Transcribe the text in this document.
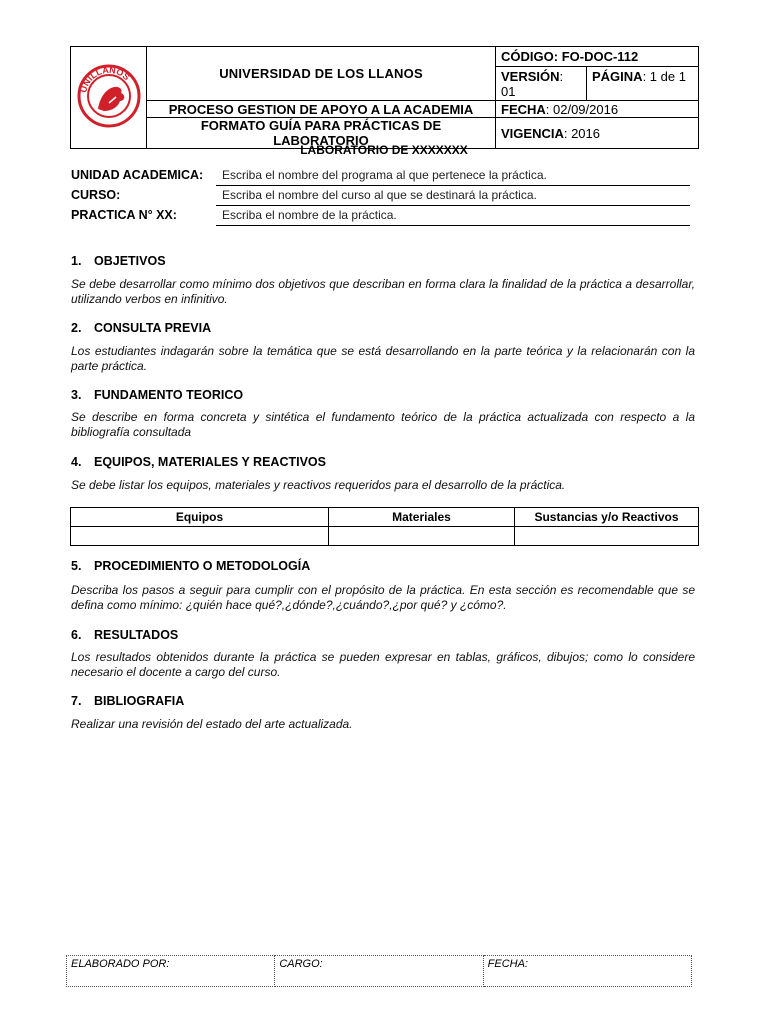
UNILLANOS	UNIVERSIDAD DE LOS LLANOS	CÓDIGO: FO-DOC-112	
		VERSIÓN: 01	PÁGINA: 1 de 1
	PROCESO GESTION DE APOYO A LA ACADEMIA	FECHA: 02/09/2016	
	FORMATO GUÍA PARA PRÁCTICAS DE LABORATORIO	VIGENCIA: 2016	
LABORATORIO DE XXXXXXX
UNIDAD ACADEMICA:	Escriba el nombre del programa al que pertenece la práctica.
CURSO:	Escriba el nombre del curso al que se destinará la práctica.
PRACTICA N° XX:	Escriba el nombre de la práctica.
1. OBJETIVOS
Se debe desarrollar como mínimo dos objetivos que describan en forma clara la finalidad de la práctica a desarrollar, utilizando verbos en infinitivo.
2. CONSULTA PREVIA
Los estudiantes indagarán sobre la temática que se está desarrollando en la parte teórica y la relacionarán con la parte práctica.
3. FUNDAMENTO TEORICO
Se describe en forma concreta y sintética el fundamento teórico de la práctica actualizada con respecto a la bibliografía consultada
4. EQUIPOS, MATERIALES Y REACTIVOS
Se debe listar los equipos, materiales y reactivos requeridos para el desarrollo de la práctica.
Equipos	Materiales	Sustancias y/o Reactivos

5. PROCEDIMIENTO O METODOLOGÍA
Describa los pasos a seguir para cumplir con el propósito de la práctica. En esta sección es recomendable que se defina como mínimo: ¿quién hace qué?,¿dónde?,¿cuándo?,¿por qué? y ¿cómo?.
6. RESULTADOS
Los resultados obtenidos durante la práctica se pueden expresar en tablas, gráficos, dibujos; como lo considere necesario el docente a cargo del curso.
7. BIBLIOGRAFIA
Realizar una revisión del estado del arte actualizada.
ELABORADO POR:	CARGO:	FECHA:
